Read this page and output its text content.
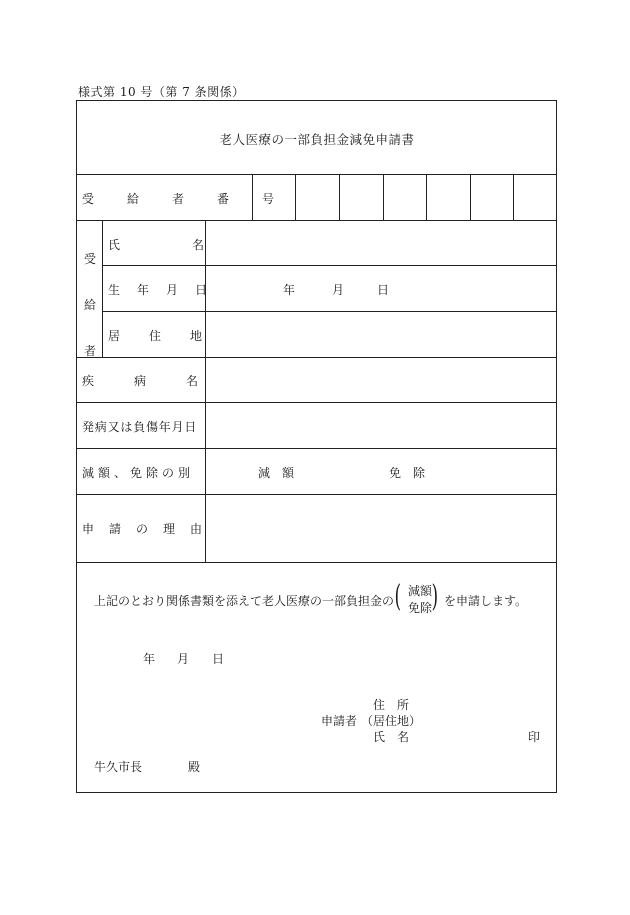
様式第 10 号（第 7 条関係）
老人医療の一部負担金減免申請書
受給者番号
受給者
氏名
生年月日	年	月	日
居住地
疾病名
発病又は負傷年月日
減額、免除の別	減　額	免　除
申請の理由
上記のとおり関係書類を添えて老人医療の一部負担金の ( 減額
免除 ) を申請します。
年 月 日
住　所
申請者 （居住地）
氏　名	印
牛久市長	殿
